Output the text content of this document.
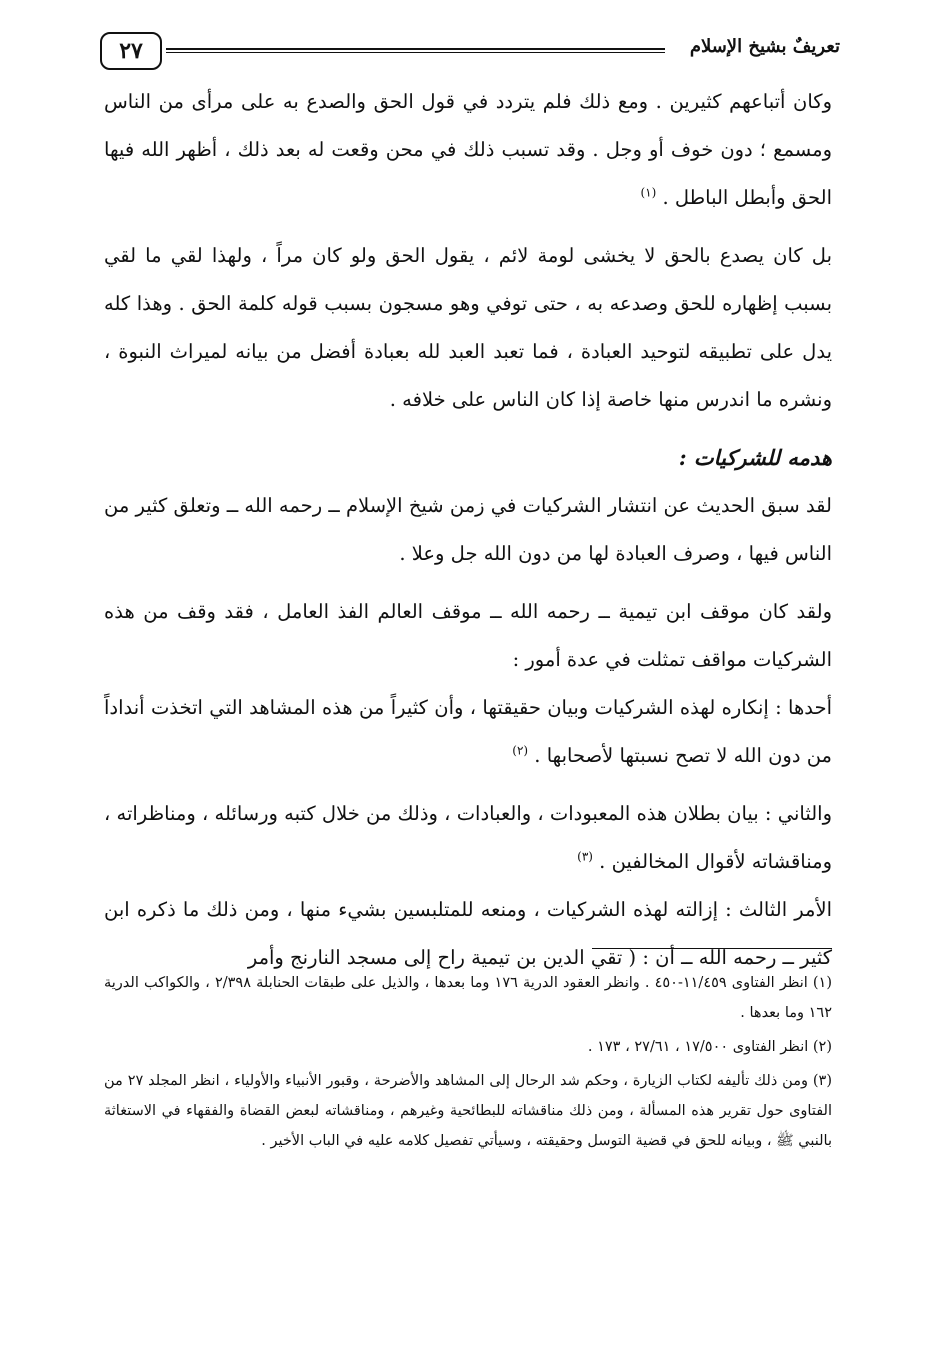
٢٧	تعريفٌ بشيخ الإسلام

وكان أتباعهم كثيرين . ومع ذلك فلم يتردد في قول الحق والصدع به على مرأى من الناس ومسمع ؛ دون خوف أو وجل . وقد تسبب ذلك في محن وقعت له بعد ذلك ، أظهر الله فيها الحق وأبطل الباطل . $^{(١)}$

بل كان يصدع بالحق لا يخشى لومة لائم ، يقول الحق ولو كان مراً ، ولهذا لقي ما لقي بسبب إظهاره للحق وصدعه به ، حتى توفي وهو مسجون بسبب قوله كلمة الحق . وهذا كله يدل على تطبيقه لتوحيد العبادة ، فما تعبد العبد لله بعبادة أفضل من بيانه لميراث النبوة ، ونشره ما اندرس منها خاصة إذا كان الناس على خلافه .

هدمه للشركيات :

لقد سبق الحديث عن انتشار الشركيات في زمن شيخ الإسلام ــ رحمه الله ــ وتعلق كثير من الناس فيها ، وصرف العبادة لها من دون الله جل وعلا .

ولقد كان موقف ابن تيمية ــ رحمه الله ــ موقف العالم الفذ العامل ، فقد وقف من هذه الشركيات مواقف تمثلت في عدة أمور :

أحدها : إنكاره لهذه الشركيات وبيان حقيقتها ، وأن كثيراً من هذه المشاهد التي اتخذت أنداداً من دون الله لا تصح نسبتها لأصحابها . $^{(٢)}$

والثاني : بيان بطلان هذه المعبودات ، والعبادات ، وذلك من خلال كتبه ورسائله ، ومناظراته ، ومناقشاته لأقوال المخالفين . $^{(٣)}$

الأمر الثالث : إزالته لهذه الشركيات ، ومنعه للمتلبسين بشيء منها ، ومن ذلك ما ذكره ابن كثير ــ رحمه الله ــ أن : ( تقي الدين بن تيمية راح إلى مسجد النارنج وأمر

(١) انظر الفتاوى ١١/٤٥٩-٤٥٠ . وانظر العقود الدرية ١٧٦ وما بعدها ، والذيل على طبقات الحنابلة ٢/٣٩٨ ، والكواكب الدرية ١٦٢ وما بعدها .

(٢) انظر الفتاوى ١٧/٥٠٠ ، ٢٧/٦١ ، ١٧٣ .

(٣) ومن ذلك تأليفه لكتاب الزيارة ، وحكم شد الرحال إلى المشاهد والأضرحة ، وقبور الأنبياء والأولياء ، انظر المجلد ٢٧ من الفتاوى حول تقرير هذه المسألة ، ومن ذلك مناقشاته للبطائحية وغيرهم ، ومناقشاته لبعض القضاة والفقهاء في الاستغاثة بالنبي ﷺ ، وبيانه للحق في قضية التوسل وحقيقته ، وسيأتي تفصيل كلامه عليه في الباب الأخير .
